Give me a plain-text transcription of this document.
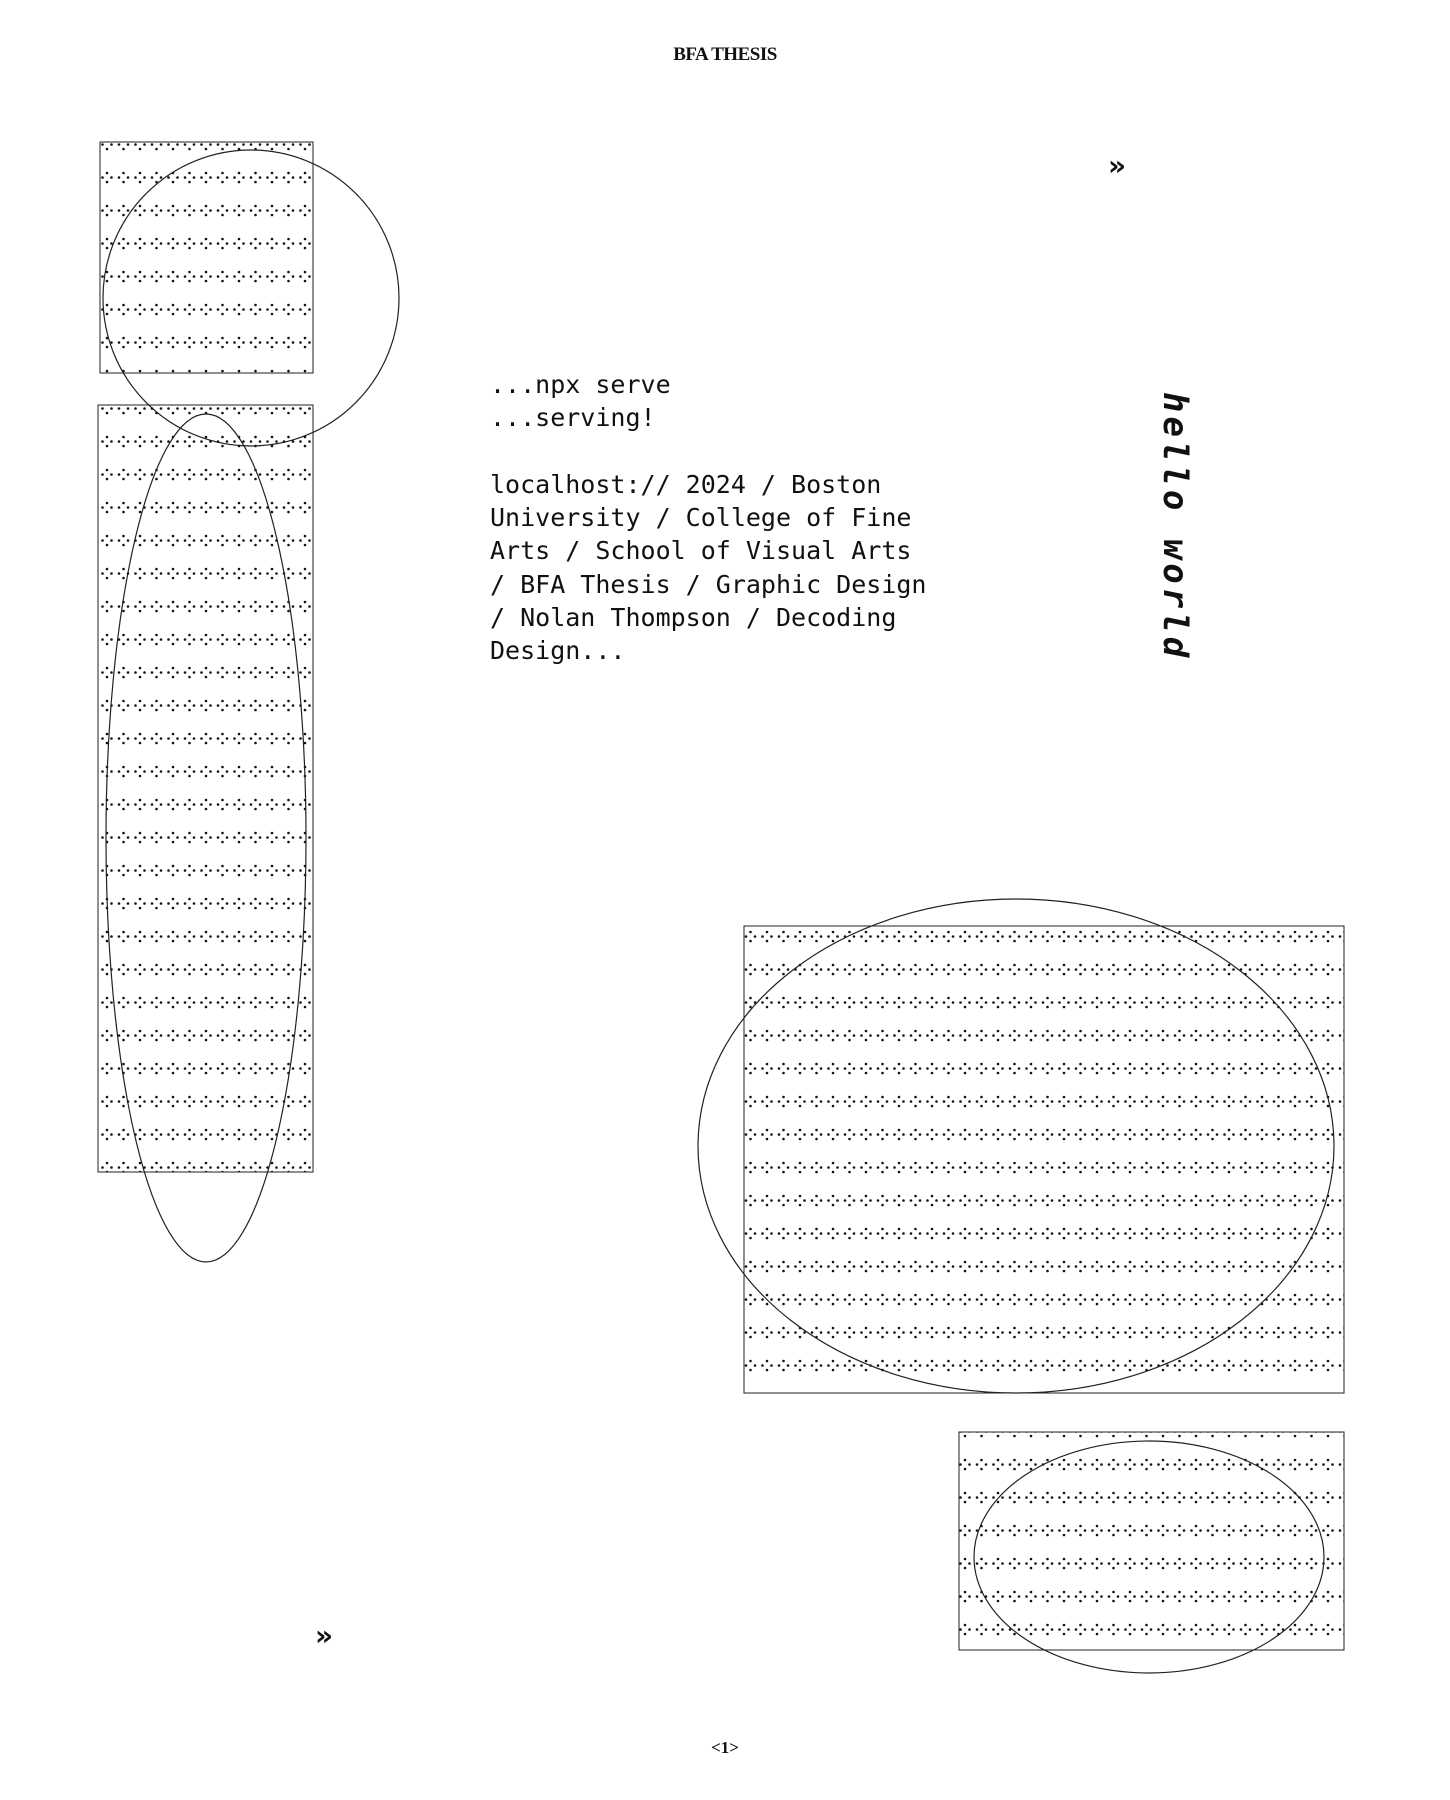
BFA THESIS
»
»
...npx serve
...serving!

localhost:// 2024 / Boston
University / College of Fine
Arts / School of Visual Arts
/ BFA Thesis / Graphic Design
/ Nolan Thompson / Decoding
Design...	hello world
<1>
